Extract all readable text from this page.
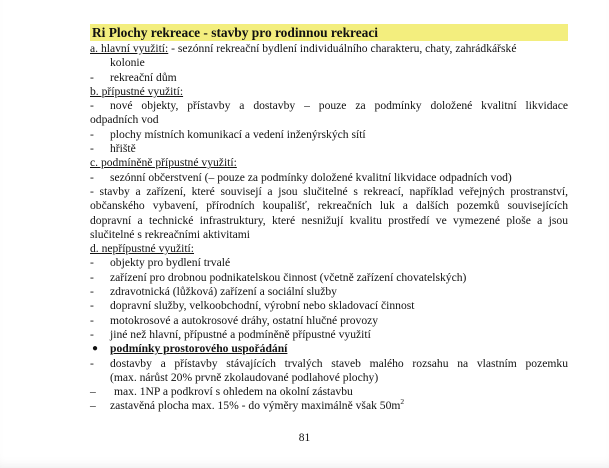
Ri Plochy rekreace - stavby pro rodinnou rekreaci
a. hlavní využití: - sezónní rekreační bydlení individuálního charakteru, chaty, zahrádkářské
kolonie
-	rekreační dům
b. přípustné využití:
-	nové objekty, přístavby a dostavby – pouze za podmínky doložené kvalitní likvidace
odpadních vod
-	plochy místních komunikací a vedení inženýrských sítí
-	hřiště
c. podmíněně přípustné využití:
-	sezónní občerstvení (– pouze za podmínky doložené kvalitní likvidace odpadních vod)
- stavby a zařízení, které souvisejí a jsou slučitelné s rekreací, například veřejných prostranství,
občanského vybavení, přírodních koupališť, rekreačních luk a dalších pozemků souvisejících
dopravní a technické infrastruktury, které nesnižují kvalitu prostředí ve vymezené ploše a jsou
slučitelné s rekreačními aktivitami
d. nepřípustné využití:
-	objekty pro bydlení trvalé
-	zařízení pro drobnou podnikatelskou činnost (včetně zařízení chovatelských)
-	zdravotnická (lůžková) zařízení a sociální služby
-	dopravní služby, velkoobchodní, výrobní nebo skladovací činnost
-	motokrosové a autokrosové dráhy, ostatní hlučné provozy
-	jiné než hlavní, přípustné a podmíněně přípustné využití
● podmínky prostorového uspořádání
-	dostavby a přístavby stávajících trvalých staveb malého rozsahu na vlastním pozemku
(max. nárůst 20% prvně zkolaudované podlahové plochy)
–	max. 1NP a podkroví s ohledem na okolní zástavbu
–	zastavěná plocha max. 15% - do výměry maximálně však $50m^2$
81
